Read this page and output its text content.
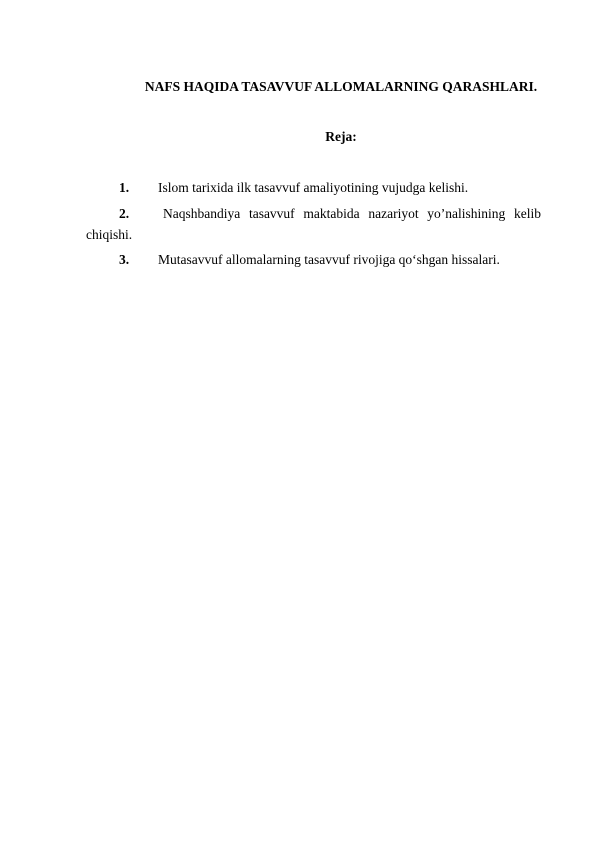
NAFS HAQIDA TASAVVUF ALLOMALARNING QARASHLARI.
Reja:
1. Islom tarixida ilk tasavvuf amaliyotining vujudga kelishi.
2.	Naqshbandiya tasavvuf maktabida nazariyot yo’nalishining kelib
chiqishi.
3. Mutasavvuf allomalarning tasavvuf rivojiga qo‘shgan hissalari.
